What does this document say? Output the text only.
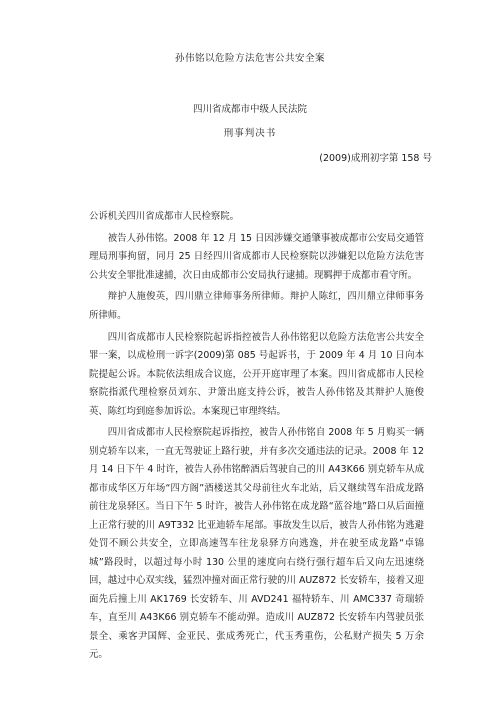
孙伟铭以危险方法危害公共安全案
四川省成都市中级人民法院
刑事判决书
(2009)成刑初字第 158 号

公诉机关四川省成都市人民检察院。

被告人孙伟铭。2008 年 12 月 15 日因涉嫌交通肇事被成都市公安局交通管理局刑事拘留，同月 25 日经四川省成都市人民检察院以涉嫌犯以危险方法危害公共安全罪批准逮捕，次日由成都市公安局执行逮捕。现羁押于成都市看守所。

辩护人施俊英，四川鼎立律师事务所律师。辩护人陈红，四川鼎立律师事务所律师。

四川省成都市人民检察院起诉指控被告人孙伟铭犯以危险方法危害公共安全罪一案，以成检刑一诉字(2009)第 085 号起诉书，于 2009 年 4 月 10 日向本院提起公诉。本院依法组成合议庭，公开开庭审理了本案。四川省成都市人民检察院指派代理检察员刘东、尹箫出庭支持公诉，被告人孙伟铭及其辩护人施俊英、陈红均到庭参加诉讼。本案现已审理终结。

四川省成都市人民检察院起诉指控，被告人孙伟铭自 2008 年 5 月购买一辆别克轿车以来，一直无驾驶证上路行驶，并有多次交通违法的记录。2008 年 12 月 14 日下午 4 时许，被告人孙伟铭醉酒后驾驶自己的川 A43K66 别克轿车从成都市成华区万年场“四方阁”酒楼送其父母前往火车北站，后又继续驾车沿成龙路前往龙泉驿区。当日下午 5 时许，被告人孙伟铭在成龙路“蓝谷地”路口从后面撞上正常行驶的川 A9T332 比亚迪轿车尾部。事故发生以后，被告人孙伟铭为逃避处罚不顾公共安全，立即高速驾车往龙泉驿方向逃逸，并在驶至成龙路“卓锦城”路段时，以超过每小时 130 公里的速度向右绕行强行超车后又向左迅速绕回，越过中心双实线，猛烈冲撞对面正常行驶的川 AUZ872 长安轿车，接着又迎面先后撞上川 AK1769 长安轿车、川 AVD241 福特轿车、川 AMC337 奇瑞轿车，直至川 A43K66 别克轿车不能动弹。造成川 AUZ872 长安轿车内驾驶员张景全、乘客尹国辉、金亚民、张成秀死亡，代玉秀重伤，公私财产损失 5 万余元。
